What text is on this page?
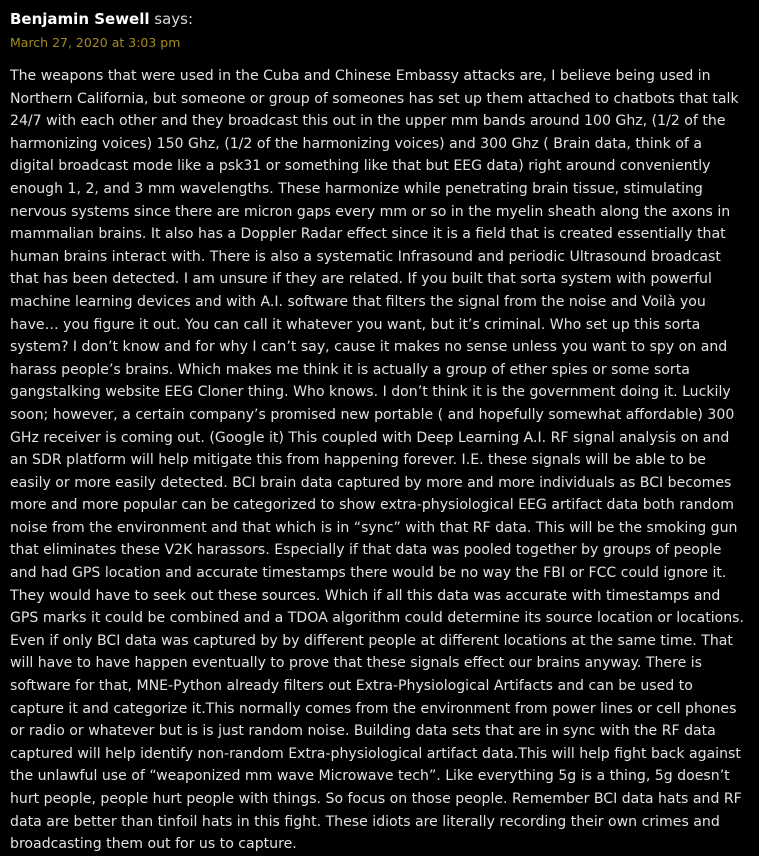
Benjamin Sewell says:
March 27, 2020 at 3:03 pm

The weapons that were used in the Cuba and Chinese Embassy attacks are, I believe being used in Northern California, but someone or group of someones has set up them attached to chatbots that talk 24/7 with each other and they broadcast this out in the upper mm bands around 100 Ghz, (1/2 of the harmonizing voices) 150 Ghz, (1/2 of the harmonizing voices) and 300 Ghz ( Brain data, think of a digital broadcast mode like a psk31 or something like that but EEG data) right around conveniently enough 1, 2, and 3 mm wavelengths. These harmonize while penetrating brain tissue, stimulating nervous systems since there are micron gaps every mm or so in the myelin sheath along the axons in mammalian brains. It also has a Doppler Radar effect since it is a field that is created essentially that human brains interact with. There is also a systematic Infrasound and periodic Ultrasound broadcast that has been detected. I am unsure if they are related. If you built that sorta system with powerful machine learning devices and with A.I. software that filters the signal from the noise and Voilà you have… you figure it out. You can call it whatever you want, but it’s criminal. Who set up this sorta system? I don’t know and for why I can’t say, cause it makes no sense unless you want to spy on and harass people’s brains. Which makes me think it is actually a group of ether spies or some sorta gangstalking website EEG Cloner thing. Who knows. I don’t think it is the government doing it. Luckily soon; however, a certain company’s promised new portable ( and hopefully somewhat affordable) 300 GHz receiver is coming out. (Google it) This coupled with Deep Learning A.I. RF signal analysis on and an SDR platform will help mitigate this from happening forever. I.E. these signals will be able to be easily or more easily detected. BCI brain data captured by more and more individuals as BCI becomes more and more popular can be categorized to show extra-physiological EEG artifact data both random noise from the environment and that which is in “sync” with that RF data. This will be the smoking gun that eliminates these V2K harassors. Especially if that data was pooled together by groups of people and had GPS location and accurate timestamps there would be no way the FBI or FCC could ignore it. They would have to seek out these sources. Which if all this data was accurate with timestamps and GPS marks it could be combined and a TDOA algorithm could determine its source location or locations. Even if only BCI data was captured by by different people at different locations at the same time. That will have to have happen eventually to prove that these signals effect our brains anyway. There is software for that, MNE-Python already filters out Extra-Physiological Artifacts and can be used to capture it and categorize it.This normally comes from the environment from power lines or cell phones or radio or whatever but is is just random noise. Building data sets that are in sync with the RF data captured will help identify non-random Extra-physiological artifact data.This will help fight back against the unlawful use of “weaponized mm wave Microwave tech”. Like everything 5g is a thing, 5g doesn’t hurt people, people hurt people with things. So focus on those people. Remember BCI data hats and RF data are better than tinfoil hats in this fight. These idiots are literally recording their own crimes and broadcasting them out for us to capture.
